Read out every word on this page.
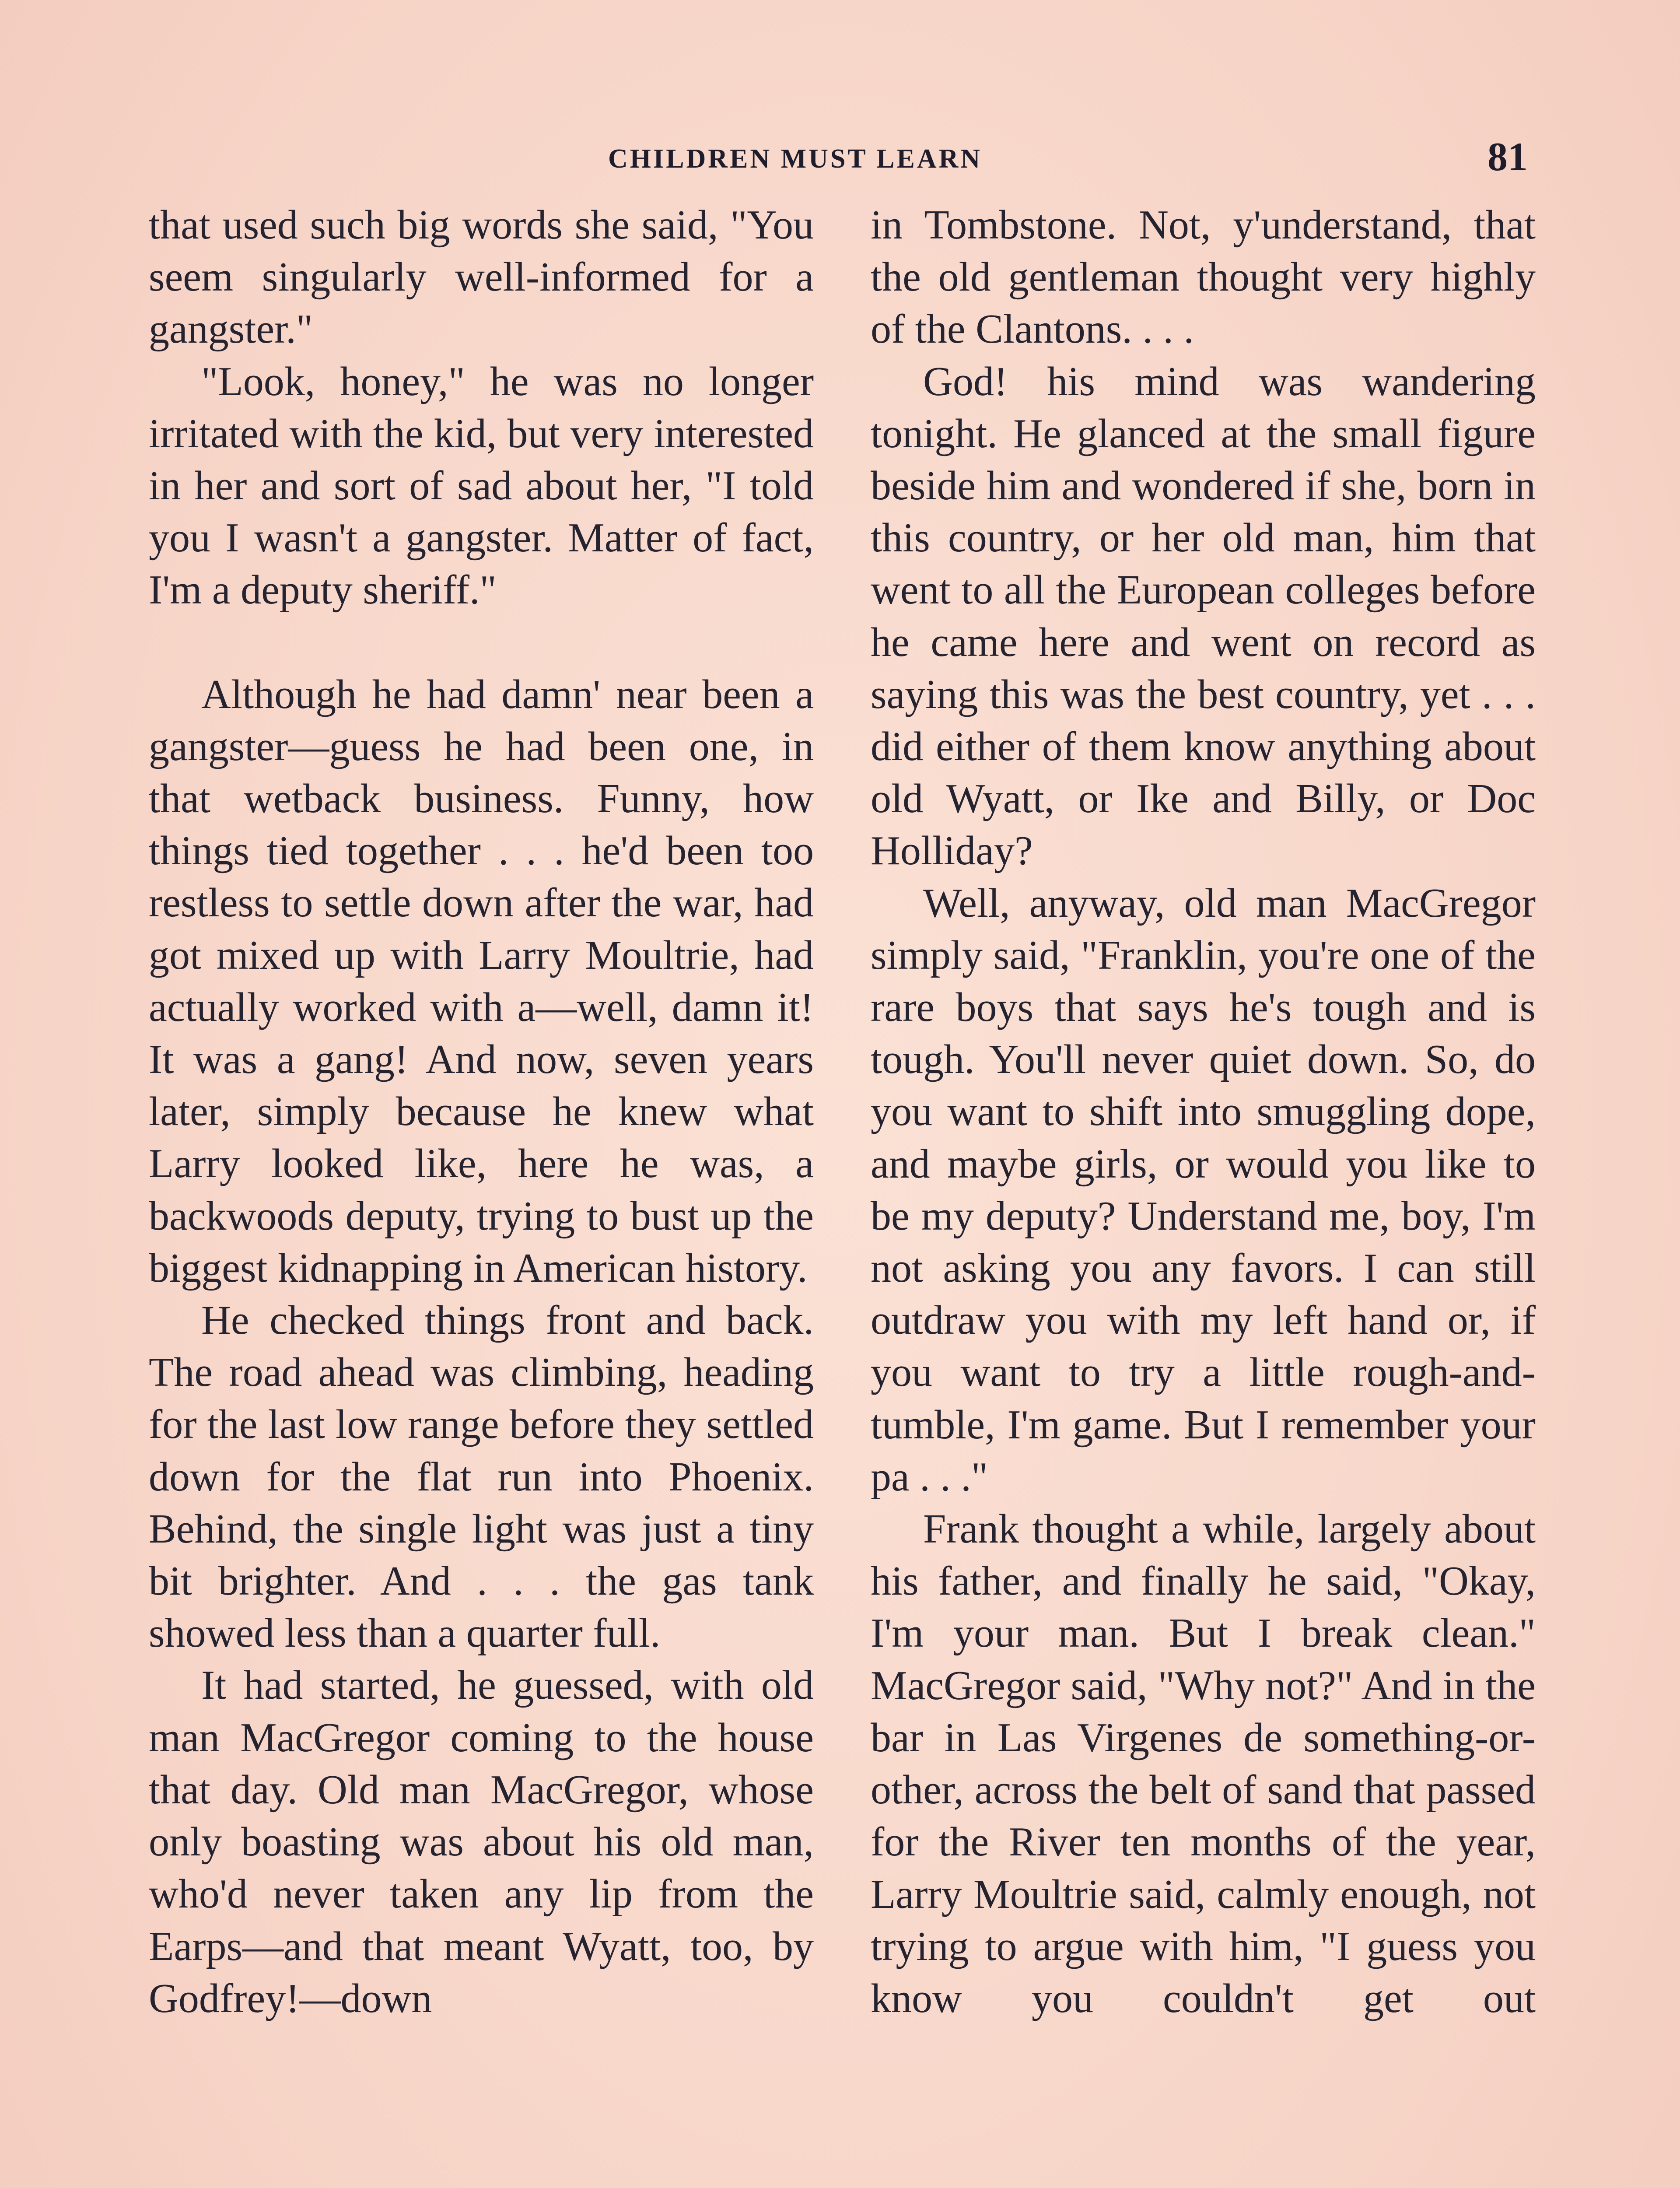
CHILDREN MUST LEARN	81

that used such big words she said, "You seem singularly well-informed for a gangster."

"Look, honey," he was no longer irritated with the kid, but very interested in her and sort of sad about her, "I told you I wasn't a gangster. Matter of fact, I'm a deputy sheriff."

Although he had damn' near been a gangster—guess he had been one, in that wetback business. Funny, how things tied together . . . he'd been too restless to settle down after the war, had got mixed up with Larry Moultrie, had actually worked with a—well, damn it! It was a gang! And now, seven years later, simply because he knew what Larry looked like, here he was, a backwoods deputy, trying to bust up the biggest kidnapping in American history.

He checked things front and back. The road ahead was climbing, heading for the last low range before they settled down for the flat run into Phoenix. Behind, the single light was just a tiny bit brighter. And . . . the gas tank showed less than a quarter full.

It had started, he guessed, with old man MacGregor coming to the house that day. Old man MacGregor, whose only boasting was about his old man, who'd never taken any lip from the Earps—and that meant Wyatt, too, by Godfrey!—down

in Tombstone. Not, y'understand, that the old gentleman thought very highly of the Clantons. . . .

God! his mind was wandering tonight. He glanced at the small figure beside him and wondered if she, born in this country, or her old man, him that went to all the European colleges before he came here and went on record as saying this was the best country, yet . . . did either of them know anything about old Wyatt, or Ike and Billy, or Doc Holliday?

Well, anyway, old man MacGregor simply said, "Franklin, you're one of the rare boys that says he's tough and is tough. You'll never quiet down. So, do you want to shift into smuggling dope, and maybe girls, or would you like to be my deputy? Understand me, boy, I'm not asking you any favors. I can still outdraw you with my left hand or, if you want to try a little rough-and-tumble, I'm game. But I remember your pa . . ."

Frank thought a while, largely about his father, and finally he said, "Okay, I'm your man. But I break clean." MacGregor said, "Why not?" And in the bar in Las Virgenes de something-or-other, across the belt of sand that passed for the River ten months of the year, Larry Moultrie said, calmly enough, not trying to argue with him, "I guess you know you couldn't get out
